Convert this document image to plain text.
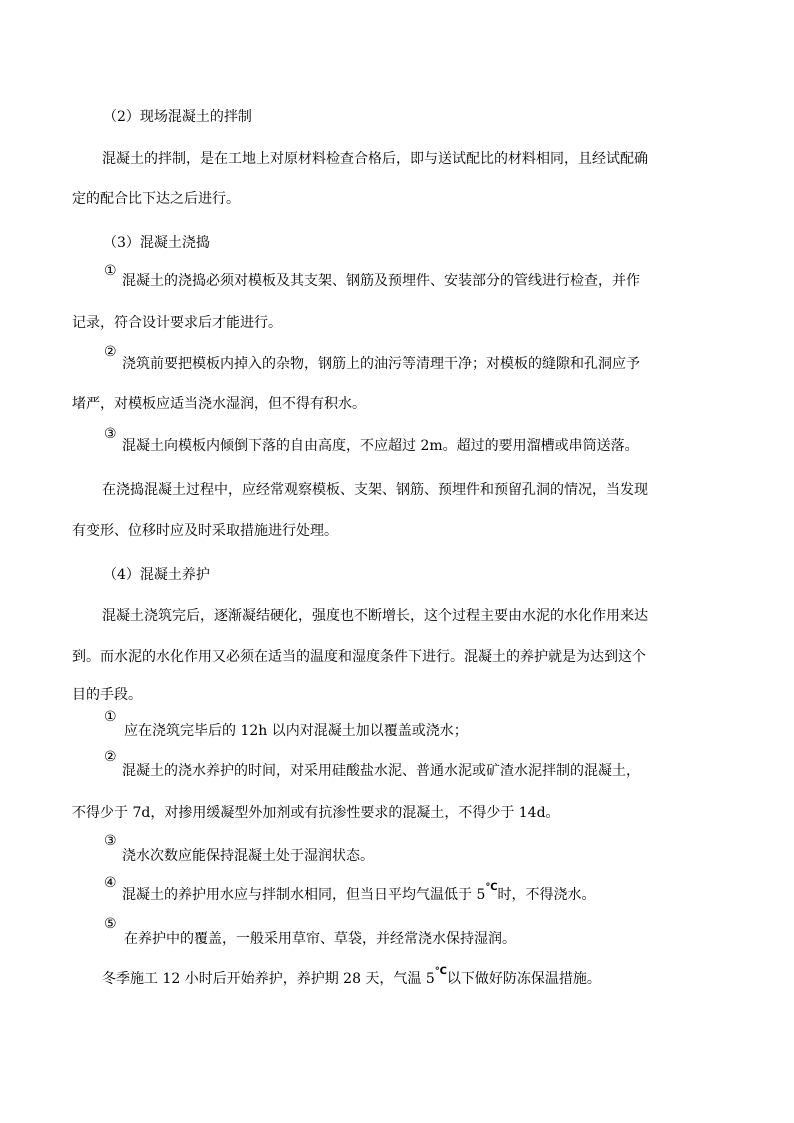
（2）现场混凝土的拌制
混凝土的拌制，是在工地上对原材料检查合格后，即与送试配比的材料相同，且经试配确
定的配合比下达之后进行。
（3）混凝土浇捣
①
混凝土的浇捣必须对模板及其支架、钢筋及预埋件、安装部分的管线进行检查，并作
记录，符合设计要求后才能进行。
②
浇筑前要把模板内掉入的杂物，钢筋上的油污等清理干净；对模板的缝隙和孔洞应予
堵严，对模板应适当浇水湿润，但不得有积水。
③
混凝土向模板内倾倒下落的自由高度，不应超过 2m。超过的要用溜槽或串筒送落。
在浇捣混凝土过程中，应经常观察模板、支架、钢筋、预埋件和预留孔洞的情况，当发现
有变形、位移时应及时采取措施进行处理。
（4）混凝土养护
混凝土浇筑完后，逐渐凝结硬化，强度也不断增长，这个过程主要由水泥的水化作用来达
到。而水泥的水化作用又必须在适当的温度和湿度条件下进行。混凝土的养护就是为达到这个
目的手段。
①
应在浇筑完毕后的 12h 以内对混凝土加以覆盖或浇水；
②
混凝土的浇水养护的时间，对采用硅酸盐水泥、普通水泥或矿渣水泥拌制的混凝土，
不得少于 7d，对掺用缓凝型外加剂或有抗渗性要求的混凝土，不得少于 14d。
③
浇水次数应能保持混凝土处于湿润状态。
④
混凝土的养护用水应与拌制水相同，但当日平均气温低于 5℃时，不得浇水。
⑤
在养护中的覆盖，一般采用草帘、草袋，并经常浇水保持湿润。
冬季施工 12 小时后开始养护，养护期 28 天，气温 5℃以下做好防冻保温措施。
